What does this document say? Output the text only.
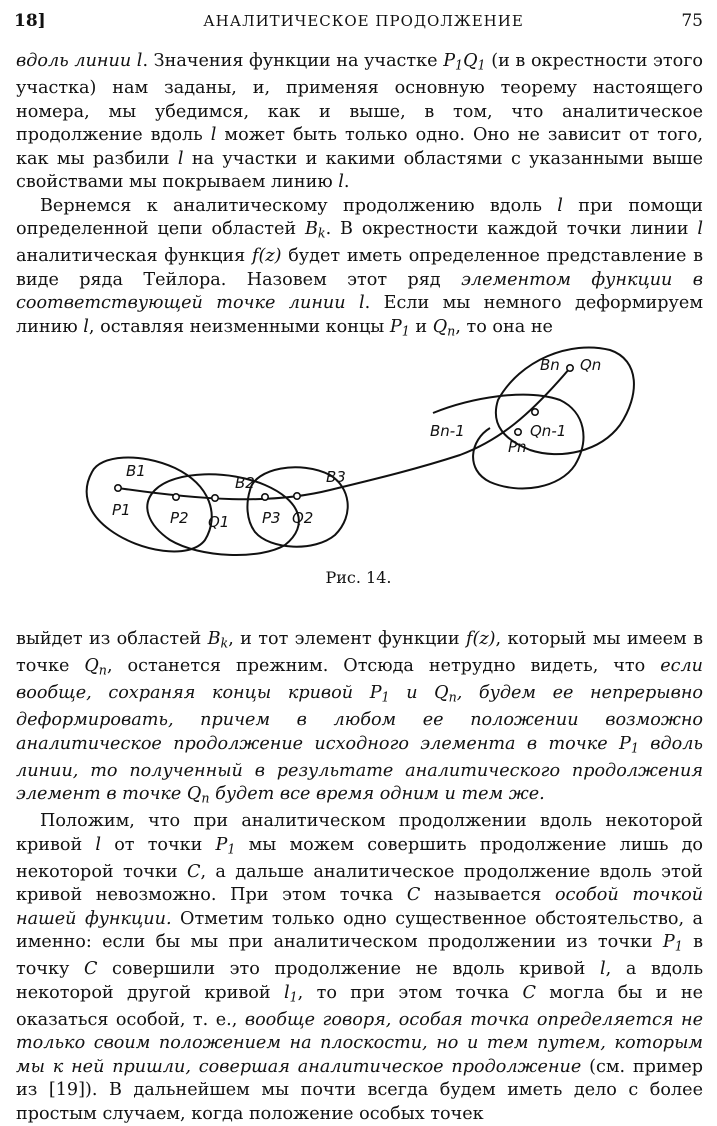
18]	АНАЛИТИЧЕСКОЕ ПРОДОЛЖЕНИЕ	75

вдоль линии l. Значения функции на участке $P_1Q_1$ (и в окрестности этого участка) нам заданы, и, применяя основную теорему настоящего номера, мы убедимся, как и выше, в том, что аналитическое продолжение вдоль l может быть только одно. Оно не зависит от того, как мы разбили l на участки и какими областями с указанными выше свойствами мы покрываем линию l.

Вернемся к аналитическому продолжению вдоль l при помощи определенной цепи областей $B_k$. В окрестности каждой точки линии l аналитическая функция f(z) будет иметь определенное представление в виде ряда Тейлора. Назовем этот ряд элементом функции в соответствующей точке линии l. Если мы немного деформируем линию l, оставляя неизменными концы $P_1$ и $Q_n$, то она не

B1
P1	P2 Q1
B2
P3 Q2
B3
Bn-1
Pn
Qn-1
Bn Qn
Рис. 14.

выйдет из областей $B_k$, и тот элемент функции f(z), который мы имеем в точке $Q_n$, останется прежним. Отсюда нетрудно видеть, что если вообще, сохраняя концы кривой $P_1$ и $Q_n$, будем ее непрерывно деформировать, причем в любом ее положении возможно аналитическое продолжение исходного элемента в точке $P_1$ вдоль линии, то полученный в результате аналитического продолжения элемент в точке $Q_n$ будет все время одним и тем же.

Положим, что при аналитическом продолжении вдоль некоторой кривой l от точки $P_1$ мы можем совершить продолжение лишь до некоторой точки C, а дальше аналитическое продолжение вдоль этой кривой невозможно. При этом точка C называется особой точкой нашей функции. Отметим только одно существенное обстоятельство, а именно: если бы мы при аналитическом продолжении из точки $P_1$ в точку C совершили это продолжение не вдоль кривой l, а вдоль некоторой другой кривой $l_1$, то при этом точка C могла бы и не оказаться особой, т. е., вообще говоря, особая точка определяется не только своим положением на плоскости, но и тем путем, которым мы к ней пришли, совершая аналитическое продолжение (см. пример из [19]). В дальнейшем мы почти всегда будем иметь дело с более простым случаем, когда положение особых точек
